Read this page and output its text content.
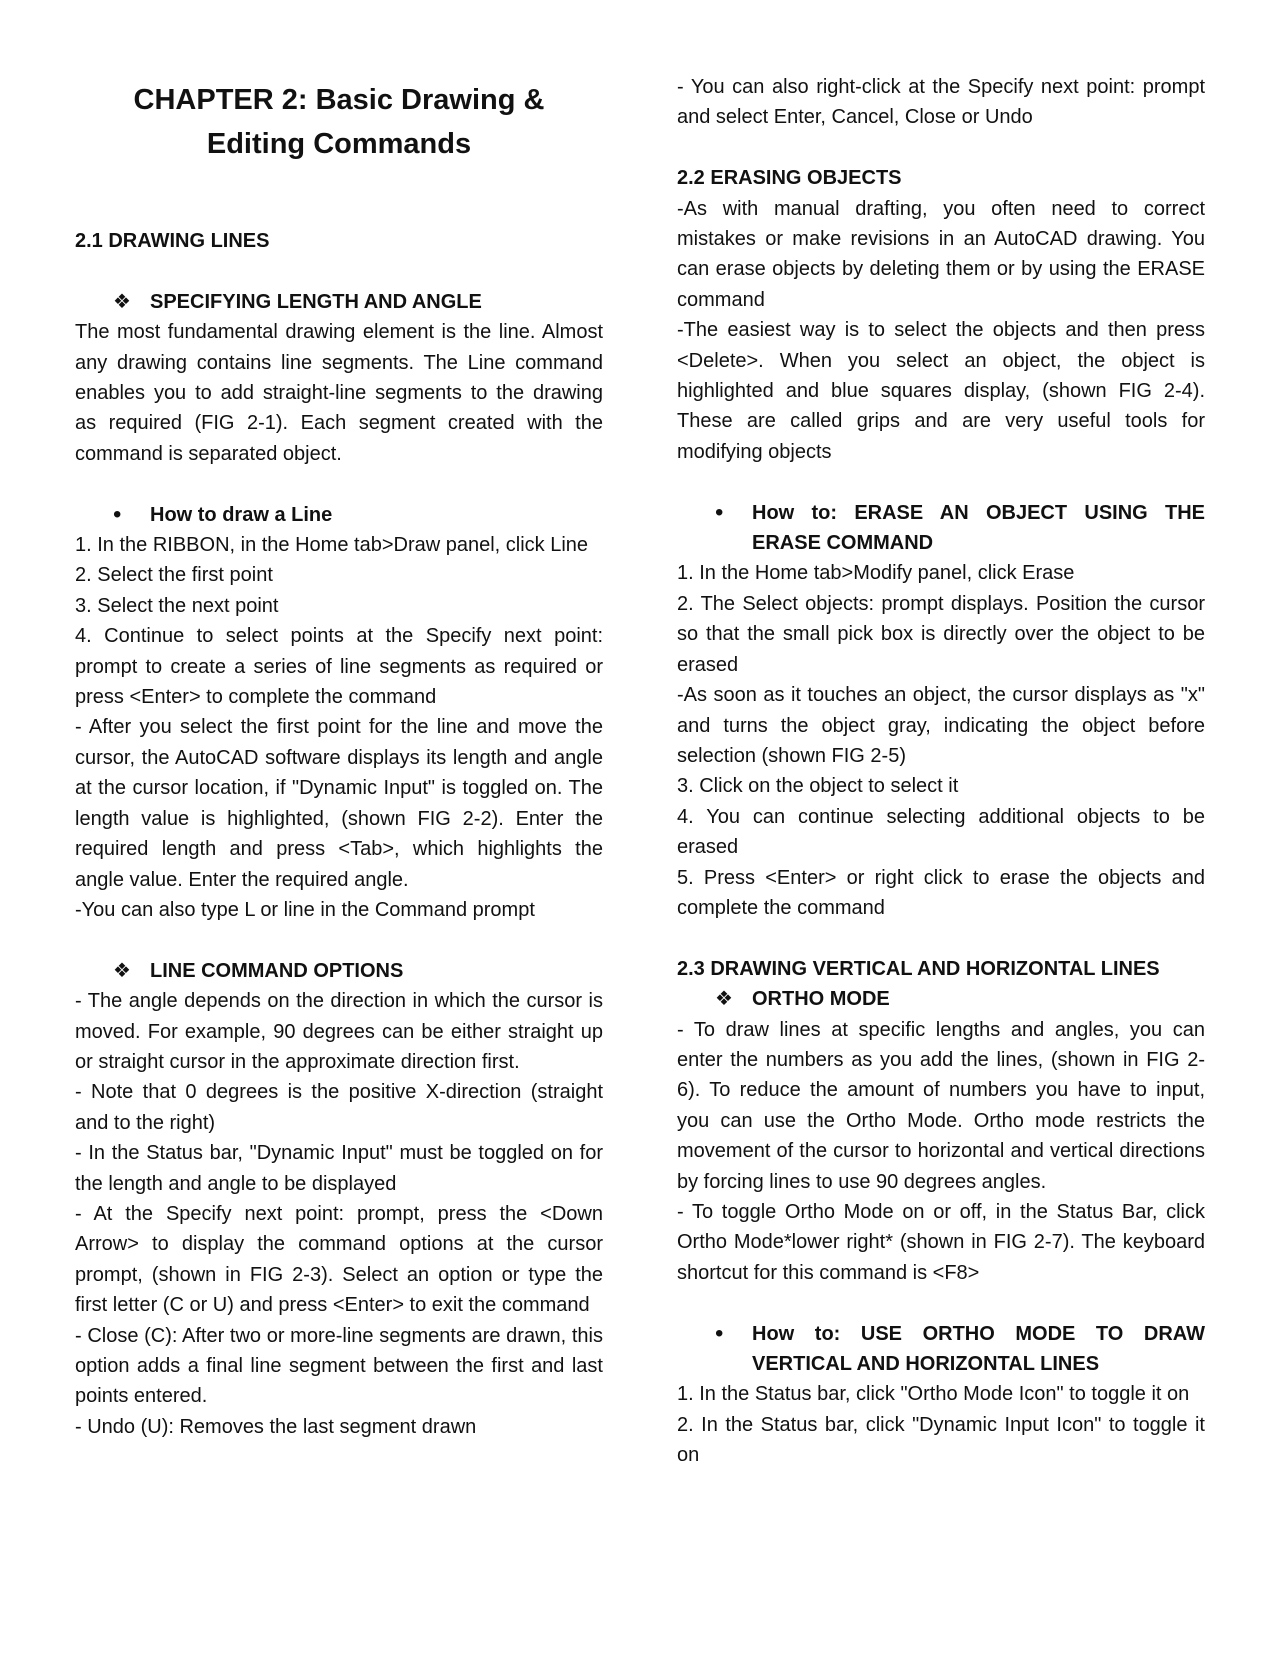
CHAPTER 2: Basic Drawing & Editing Commands

2.1 DRAWING LINES

❖ SPECIFYING LENGTH AND ANGLE

The most fundamental drawing element is the line. Almost any drawing contains line segments. The Line command enables you to add straight-line segments to the drawing as required (FIG 2-1). Each segment created with the command is separated object.

• How to draw a Line

1. In the RIBBON, in the Home tab>Draw panel, click Line

2. Select the first point

3. Select the next point

4. Continue to select points at the Specify next point: prompt to create a series of line segments as required or press <Enter> to complete the command

- After you select the first point for the line and move the cursor, the AutoCAD software displays its length and angle at the cursor location, if "Dynamic Input" is toggled on. The length value is highlighted, (shown FIG 2-2). Enter the required length and press <Tab>, which highlights the angle value. Enter the required angle.

-You can also type L or line in the Command prompt

❖ LINE COMMAND OPTIONS

- The angle depends on the direction in which the cursor is moved. For example, 90 degrees can be either straight up or straight cursor in the approximate direction first.

- Note that 0 degrees is the positive X-direction (straight and to the right)

- In the Status bar, "Dynamic Input" must be toggled on for the length and angle to be displayed

- At the Specify next point: prompt, press the <Down Arrow> to display the command options at the cursor prompt, (shown in FIG 2-3). Select an option or type the first letter (C or U) and press <Enter> to exit the command

- Close (C): After two or more-line segments are drawn, this option adds a final line segment between the first and last points entered.

- Undo (U): Removes the last segment drawn

- You can also right-click at the Specify next point: prompt and select Enter, Cancel, Close or Undo

2.2 ERASING OBJECTS

-As with manual drafting, you often need to correct mistakes or make revisions in an AutoCAD drawing. You can erase objects by deleting them or by using the ERASE command

-The easiest way is to select the objects and then press <Delete>. When you select an object, the object is highlighted and blue squares display, (shown FIG 2-4). These are called grips and are very useful tools for modifying objects

• How to: ERASE AN OBJECT USING THE ERASE COMMAND

1. In the Home tab>Modify panel, click Erase

2. The Select objects: prompt displays. Position the cursor so that the small pick box is directly over the object to be erased

-As soon as it touches an object, the cursor displays as "x" and turns the object gray, indicating the object before selection (shown FIG 2-5)

3. Click on the object to select it

4. You can continue selecting additional objects to be erased

5. Press <Enter> or right click to erase the objects and complete the command

2.3 DRAWING VERTICAL AND HORIZONTAL LINES

❖ ORTHO MODE

- To draw lines at specific lengths and angles, you can enter the numbers as you add the lines, (shown in FIG 2-6). To reduce the amount of numbers you have to input, you can use the Ortho Mode. Ortho mode restricts the movement of the cursor to horizontal and vertical directions by forcing lines to use 90 degrees angles.

- To toggle Ortho Mode on or off, in the Status Bar, click Ortho Mode*lower right* (shown in FIG 2-7). The keyboard shortcut for this command is <F8>

• How to: USE ORTHO MODE TO DRAW VERTICAL AND HORIZONTAL LINES

1. In the Status bar, click "Ortho Mode Icon" to toggle it on

2. In the Status bar, click "Dynamic Input Icon" to toggle it on
